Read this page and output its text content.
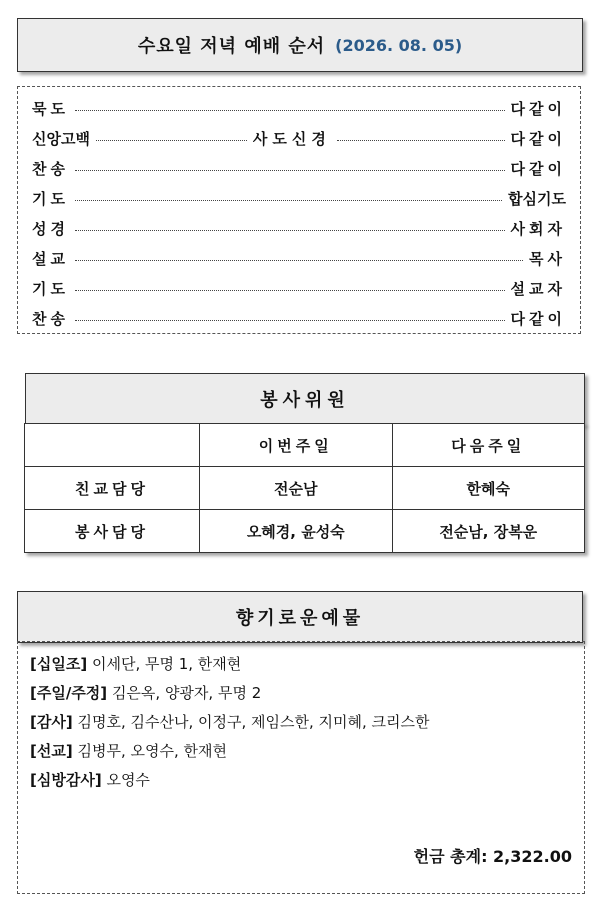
수요일 저녁 예배 순서 (2026. 08. 05)
묵도	다같이
신앙고백	사도신경	다같이
찬송	다같이
기도	합심기도
성경	사회자
설교	목사
기도	설교자
찬송	다같이
봉사위원
	이번주일	다음주일
친교담당	전순남	한혜숙
봉사담당	오혜경, 윤성숙	전순남, 장복운
향기로운예물
[십일조] 이세단, 무명 1, 한재현
[주일/주정] 김은옥, 양광자, 무명 2
[감사] 김명호, 김수산나, 이정구, 제임스한, 지미혜, 크리스한
[선교] 김병무, 오영수, 한재현
[심방감사] 오영수
헌금 총계: 2,322.00
